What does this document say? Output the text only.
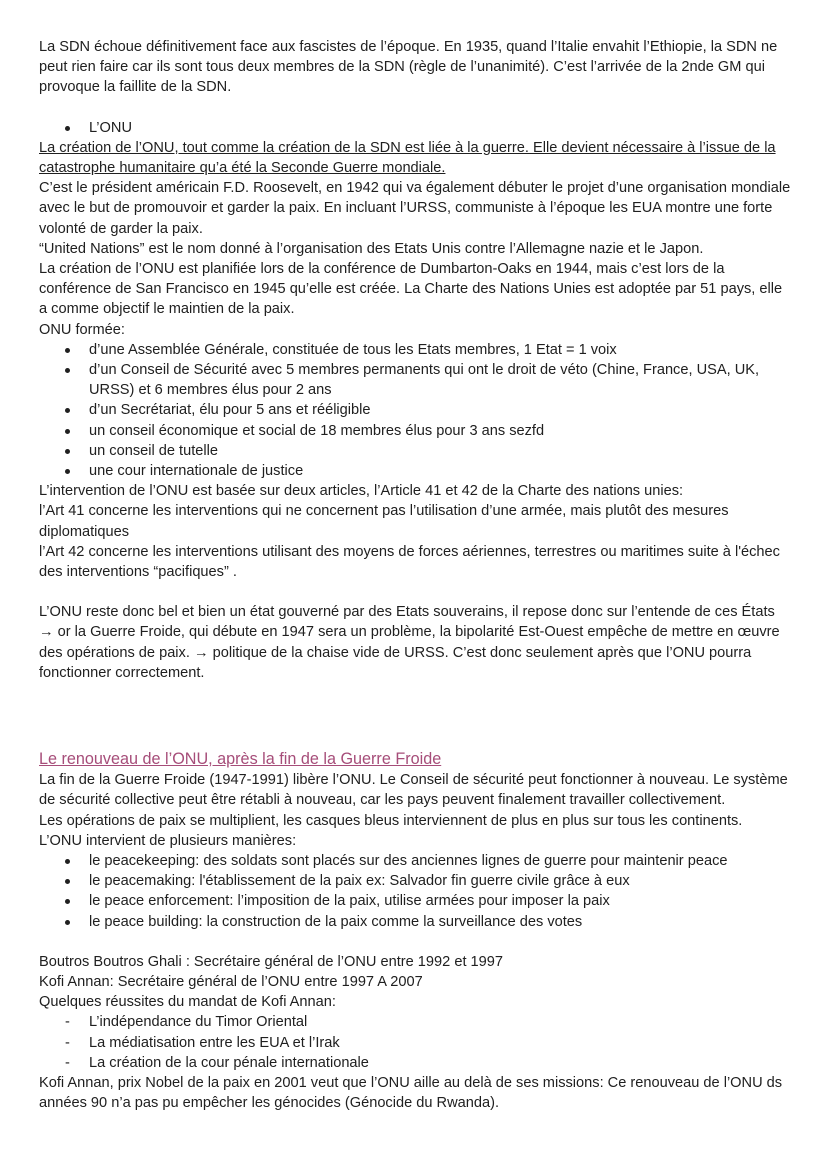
La SDN échoue définitivement face aux fascistes de l’époque. En 1935, quand l’Italie envahit l’Ethiopie, la SDN ne peut rien faire car ils sont tous deux membres de la SDN (règle de l’unanimité). C’est l’arrivée de la 2nde GM qui provoque la faillite de la SDN.

L’ONU

La création de l’ONU, tout comme la création de la SDN est liée à la guerre. Elle devient nécessaire à l’issue de la catastrophe humanitaire qu’a été la Seconde Guerre mondiale.

C’est le président américain F.D. Roosevelt, en 1942 qui va également débuter le projet d’une organisation mondiale avec le but de promouvoir et garder la paix. En incluant l’URSS, communiste à l’époque les EUA montre une forte volonté de garder la paix.

“United Nations” est le nom donné à l’organisation des Etats Unis contre l’Allemagne nazie et le Japon.

La création de l’ONU est planifiée lors de la conférence de Dumbarton-Oaks en 1944, mais c’est lors de la conférence de San Francisco en 1945 qu’elle est créée. La Charte des Nations Unies est adoptée par 51 pays, elle a comme objectif le maintien de la paix.

ONU formée:

d’une Assemblée Générale, constituée de tous les Etats membres, 1 Etat = 1 voix
d’un Conseil de Sécurité avec 5 membres permanents qui ont le droit de véto (Chine, France, USA, UK, URSS) et 6 membres élus pour 2 ans
d’un Secrétariat, élu pour 5 ans et rééligible
un conseil économique et social de 18 membres élus pour 3 ans sezfd
un conseil de tutelle
une cour internationale de justice

L’intervention de l’ONU est basée sur deux articles, l’Article 41 et 42 de la Charte des nations unies:

l’Art 41 concerne les interventions qui ne concernent pas l’utilisation d’une armée, mais plutôt des mesures diplomatiques

l’Art 42 concerne les interventions utilisant des moyens de forces aériennes, terrestres ou maritimes suite à l'échec des interventions “pacifiques” .

L’ONU reste donc bel et bien un état gouverné par des Etats souverains, il repose donc sur l’entende de ces États → or la Guerre Froide, qui débute en 1947 sera un problème, la bipolarité Est-Ouest empêche de mettre en œuvre des opérations de paix. → politique de la chaise vide de URSS. C’est donc seulement après que l’ONU pourra fonctionner correctement.

Le renouveau de l’ONU, après la fin de la Guerre Froide

La fin de la Guerre Froide (1947-1991) libère l’ONU. Le Conseil de sécurité peut fonctionner à nouveau. Le système de sécurité collective peut être rétabli à nouveau, car les pays peuvent finalement travailler collectivement.

Les opérations de paix se multiplient, les casques bleus interviennent de plus en plus sur tous les continents.

L’ONU intervient de plusieurs manières:

le peacekeeping: des soldats sont placés sur des anciennes lignes de guerre pour maintenir peace
le peacemaking: l'établissement de la paix ex: Salvador fin guerre civile grâce à eux
le peace enforcement: l’imposition de la paix, utilise armées pour imposer la paix
le peace building: la construction de la paix comme la surveillance des votes

Boutros Boutros Ghali : Secrétaire général de l’ONU entre 1992 et 1997

Kofi Annan: Secrétaire général de l’ONU entre 1997 A 2007

Quelques réussites du mandat de Kofi Annan:

- L’indépendance du Timor Oriental
- La médiatisation entre les EUA et l’Irak
- La création de la cour pénale internationale

Kofi Annan, prix Nobel de la paix en 2001 veut que l’ONU aille au delà de ses missions: Ce renouveau de l’ONU ds années 90 n’a pas pu empêcher les génocides (Génocide du Rwanda).
